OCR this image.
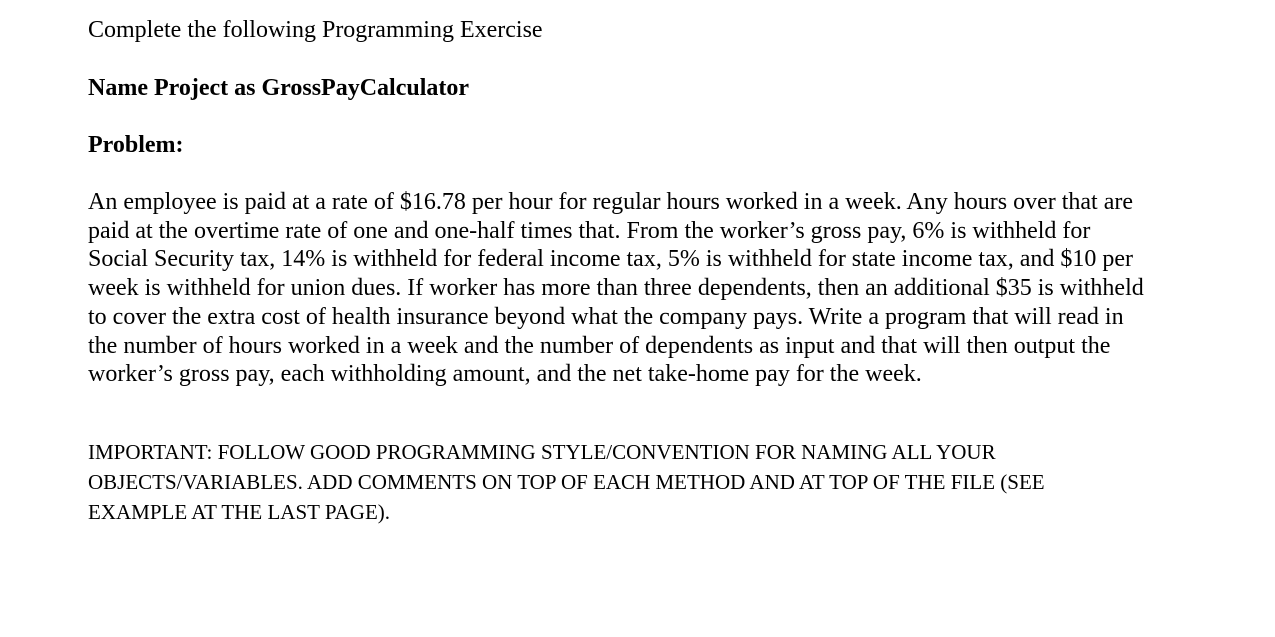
Complete the following Programming Exercise
Name Project as GrossPayCalculator
Problem:
An employee is paid at a rate of $16.78 per hour for regular hours worked in a week. Any hours over that are
paid at the overtime rate of one and one-half times that. From the worker’s gross pay, 6% is withheld for
Social Security tax, 14% is withheld for federal income tax, 5% is withheld for state income tax, and $10 per
week is withheld for union dues. If worker has more than three dependents, then an additional $35 is withheld
to cover the extra cost of health insurance beyond what the company pays. Write a program that will read in
the number of hours worked in a week and the number of dependents as input and that will then output the
worker’s gross pay, each withholding amount, and the net take-home pay for the week.
IMPORTANT: FOLLOW GOOD PROGRAMMING STYLE/CONVENTION FOR NAMING ALL YOUR
OBJECTS/VARIABLES. ADD COMMENTS ON TOP OF EACH METHOD AND AT TOP OF THE FILE (SEE
EXAMPLE AT THE LAST PAGE).
